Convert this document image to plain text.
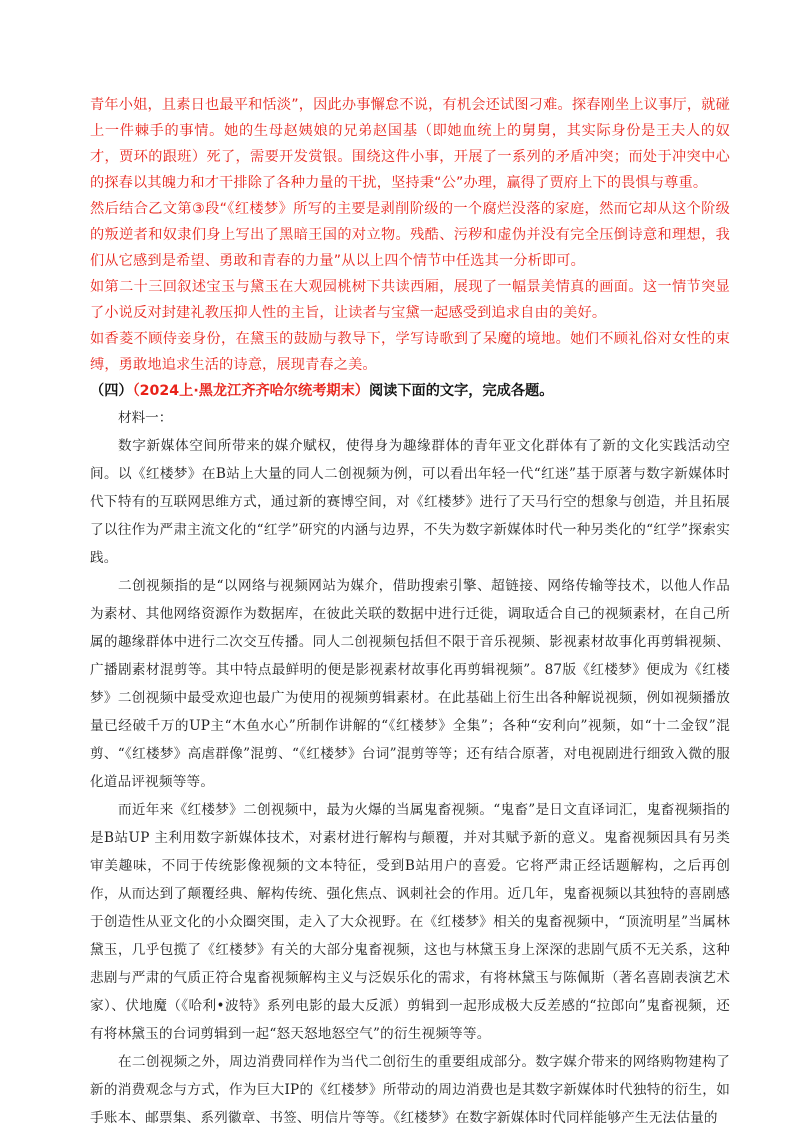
青年小姐，且素日也最平和恬淡”，因此办事懈怠不说，有机会还试图刁难。探春刚坐上议事厅，就碰上一件棘手的事情。她的生母赵姨娘的兄弟赵国基（即她血统上的舅舅，其实际身份是王夫人的奴才，贾环的跟班）死了，需要开发赏银。围绕这件小事，开展了一系列的矛盾冲突；而处于冲突中心的探春以其魄力和才干排除了各种力量的干扰，坚持秉“公”办理，赢得了贾府上下的畏惧与尊重。

然后结合乙文第③段“《红楼梦》所写的主要是剥削阶级的一个腐烂没落的家庭，然而它却从这个阶级的叛逆者和奴隶们身上写出了黑暗王国的对立物。残酷、污秽和虚伪并没有完全压倒诗意和理想，我们从它感到是希望、勇敢和青春的力量”从以上四个情节中任选其一分析即可。

如第二十三回叙述宝玉与黛玉在大观园桃树下共读西厢，展现了一幅景美情真的画面。这一情节突显了小说反对封建礼教压抑人性的主旨，让读者与宝黛一起感受到追求自由的美好。

如香菱不顾侍妾身份，在黛玉的鼓励与教导下，学写诗歌到了呆魔的境地。她们不顾礼俗对女性的束缚，勇敢地追求生活的诗意，展现青春之美。

（四）（2024上·黑龙江齐齐哈尔统考期末）阅读下面的文字，完成各题。

材料一：

数字新媒体空间所带来的媒介赋权，使得身为趣缘群体的青年亚文化群体有了新的文化实践活动空间。以《红楼梦》在B站上大量的同人二创视频为例，可以看出年轻一代“红迷”基于原著与数字新媒体时代下特有的互联网思维方式，通过新的赛博空间，对《红楼梦》进行了天马行空的想象与创造，并且拓展了以往作为严肃主流文化的“红学”研究的内涵与边界，不失为数字新媒体时代一种另类化的“红学”探索实践。

二创视频指的是“以网络与视频网站为媒介，借助搜索引擎、超链接、网络传输等技术，以他人作品为素材、其他网络资源作为数据库，在彼此关联的数据中进行迁徙，调取适合自己的视频素材，在自己所属的趣缘群体中进行二次交互传播。同人二创视频包括但不限于音乐视频、影视素材故事化再剪辑视频、广播剧素材混剪等。其中特点最鲜明的便是影视素材故事化再剪辑视频”。87版《红楼梦》便成为《红楼梦》二创视频中最受欢迎也最广为使用的视频剪辑素材。在此基础上衍生出各种解说视频，例如视频播放量已经破千万的UP主“木鱼水心”所制作讲解的“《红楼梦》全集”；各种“安利向”视频，如“十二金钗”混剪、“《红楼梦》高虐群像”混剪、“《红楼梦》台词”混剪等等；还有结合原著，对电视剧进行细致入微的服化道品评视频等等。

而近年来《红楼梦》二创视频中，最为火爆的当属鬼畜视频。“鬼畜”是日文直译词汇，鬼畜视频指的是B站UP 主利用数字新媒体技术，对素材进行解构与颠覆，并对其赋予新的意义。鬼畜视频因具有另类审美趣味，不同于传统影像视频的文本特征，受到B站用户的喜爱。它将严肃正经话题解构，之后再创作，从而达到了颠覆经典、解构传统、强化焦点、讽刺社会的作用。近几年，鬼畜视频以其独特的喜剧感于创造性从亚文化的小众圈突围，走入了大众视野。在《红楼梦》相关的鬼畜视频中，“顶流明星”当属林黛玉，几乎包揽了《红楼梦》有关的大部分鬼畜视频，这也与林黛玉身上深深的悲剧气质不无关系，这种悲剧与严肃的气质正符合鬼畜视频解构主义与泛娱乐化的需求，有将林黛玉与陈佩斯（著名喜剧表演艺术家）、伏地魔（《哈利•波特》系列电影的最大反派）剪辑到一起形成极大反差感的“拉郎向”鬼畜视频，还有将林黛玉的台词剪辑到一起“怒天怒地怒空气”的衍生视频等等。

在二创视频之外，周边消费同样作为当代二创衍生的重要组成部分。数字媒介带来的网络购物建构了新的消费观念与方式，作为巨大IP的《红楼梦》所带动的周边消费也是其数字新媒体时代独特的衍生，如手账本、邮票集、系列徽章、书签、明信片等等。《红楼梦》在数字新媒体时代同样能够产生无法估量的
